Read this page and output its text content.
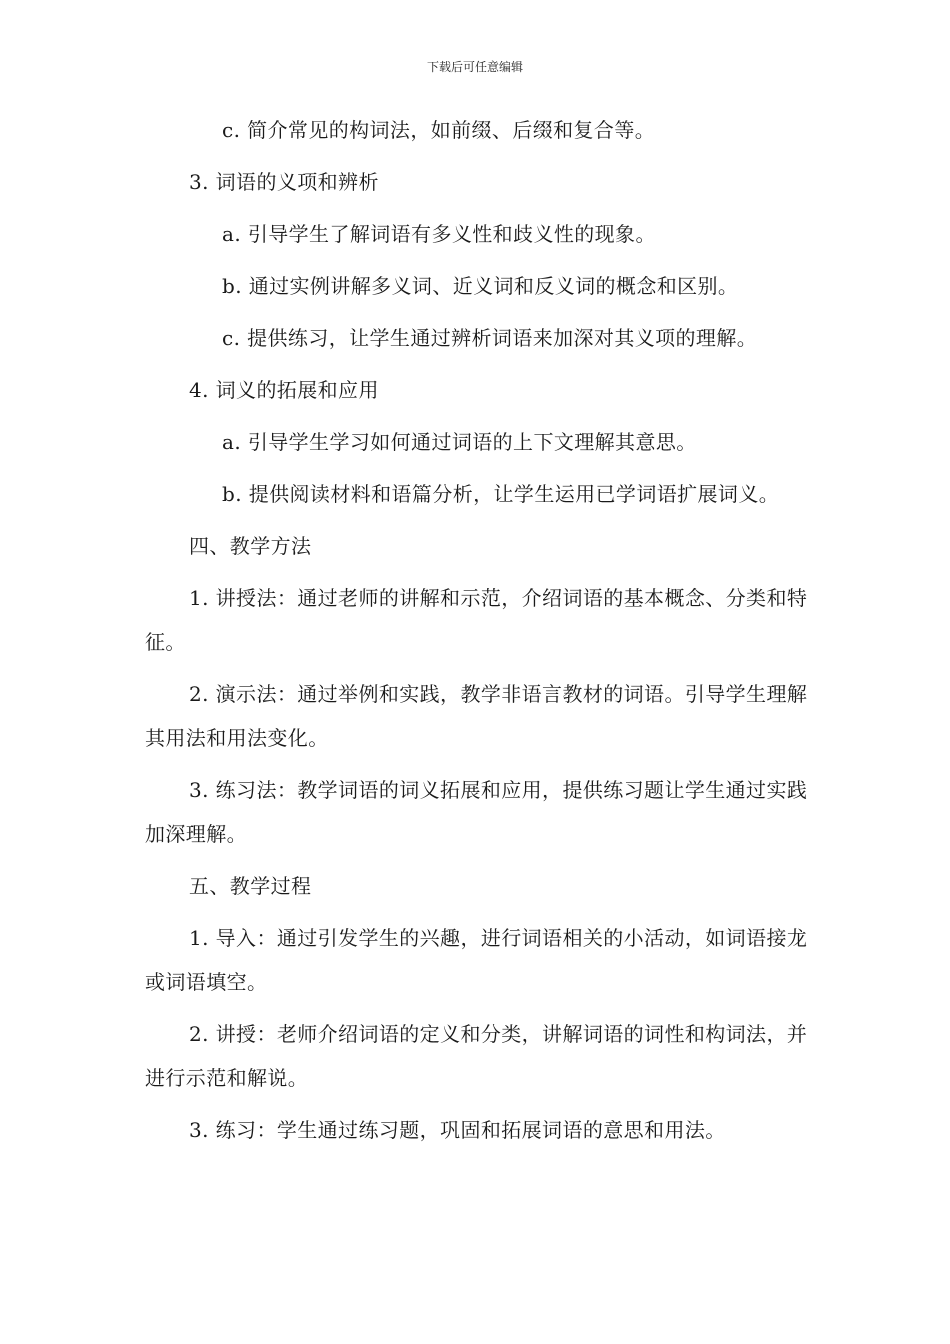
下载后可任意编辑

c. 简介常见的构词法，如前缀、后缀和复合等。

3. 词语的义项和辨析

a. 引导学生了解词语有多义性和歧义性的现象。

b. 通过实例讲解多义词、近义词和反义词的概念和区别。

c. 提供练习，让学生通过辨析词语来加深对其义项的理解。

4. 词义的拓展和应用

a. 引导学生学习如何通过词语的上下文理解其意思。

b. 提供阅读材料和语篇分析，让学生运用已学词语扩展词义。

四、教学方法

1. 讲授法：通过老师的讲解和示范，介绍词语的基本概念、分类和特征。

2. 演示法：通过举例和实践，教学非语言教材的词语。引导学生理解其用法和用法变化。

3. 练习法：教学词语的词义拓展和应用，提供练习题让学生通过实践加深理解。

五、教学过程

1. 导入：通过引发学生的兴趣，进行词语相关的小活动，如词语接龙或词语填空。

2. 讲授：老师介绍词语的定义和分类，讲解词语的词性和构词法，并进行示范和解说。

3. 练习：学生通过练习题，巩固和拓展词语的意思和用法。
